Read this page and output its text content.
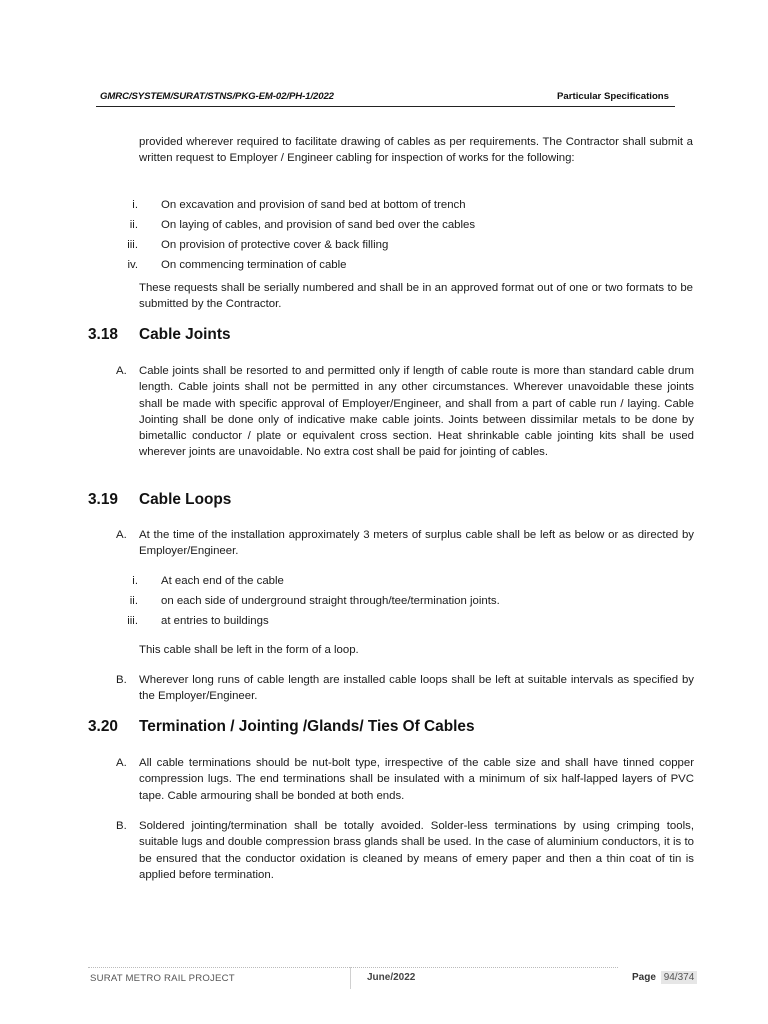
GMRC/SYSTEM/SURAT/STNS/PKG-EM-02/PH-1/2022	Particular Specifications
provided wherever required to facilitate drawing of cables as per requirements. The Contractor shall submit a written request to Employer / Engineer cabling for inspection of works for the following:
i. On excavation and provision of sand bed at bottom of trench
ii. On laying of cables, and provision of sand bed over the cables
iii. On provision of protective cover & back filling
iv. On commencing termination of cable
These requests shall be serially numbered and shall be in an approved format out of one or two formats to be submitted by the Contractor.
3.18 Cable Joints
A. Cable joints shall be resorted to and permitted only if length of cable route is more than standard cable drum length. Cable joints shall not be permitted in any other circumstances. Wherever unavoidable these joints shall be made with specific approval of Employer/Engineer, and shall from a part of cable run / laying. Cable Jointing shall be done only of indicative make cable joints. Joints between dissimilar metals to be done by bimetallic conductor / plate or equivalent cross section. Heat shrinkable cable jointing kits shall be used wherever joints are unavoidable. No extra cost shall be paid for jointing of cables.
3.19 Cable Loops
A. At the time of the installation approximately 3 meters of surplus cable shall be left as below or as directed by Employer/Engineer.
i. At each end of the cable
ii. on each side of underground straight through/tee/termination joints.
iii. at entries to buildings
This cable shall be left in the form of a loop.
B. Wherever long runs of cable length are installed cable loops shall be left at suitable intervals as specified by the Employer/Engineer.
3.20 Termination / Jointing /Glands/ Ties Of Cables
A. All cable terminations should be nut-bolt type, irrespective of the cable size and shall have tinned copper compression lugs. The end terminations shall be insulated with a minimum of six half-lapped layers of PVC tape. Cable armouring shall be bonded at both ends.
B. Soldered jointing/termination shall be totally avoided. Solder-less terminations by using crimping tools, suitable lugs and double compression brass glands shall be used. In the case of aluminium conductors, it is to be ensured that the conductor oxidation is cleaned by means of emery paper and then a thin coat of tin is applied before termination.
SURAT METRO RAIL PROJECT	June/2022	Page 94/374
